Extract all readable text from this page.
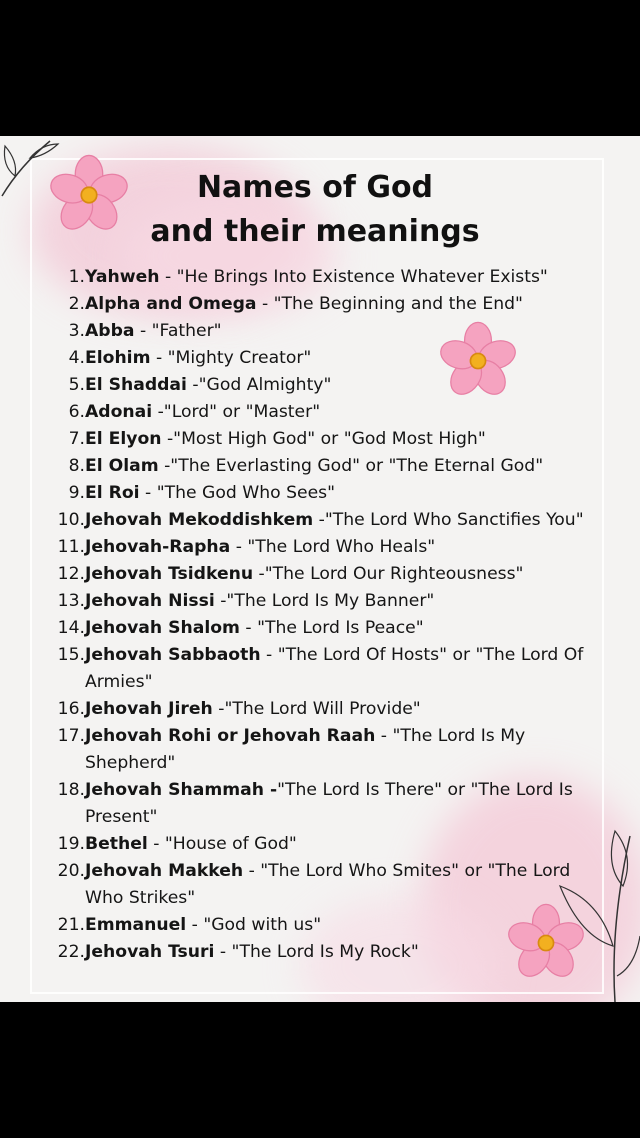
Names of God
and their meanings
1. Yahweh - "He Brings Into Existence Whatever Exists"
2. Alpha and Omega - "The Beginning and the End"
3. Abba - "Father"
4. Elohim - "Mighty Creator"
5. El Shaddai -"God Almighty"
6. Adonai -"Lord" or "Master"
7. El Elyon -"Most High God" or "God Most High"
8. El Olam -"The Everlasting God" or "The Eternal God"
9. El Roi - "The God Who Sees"
10. Jehovah Mekoddishkem -"The Lord Who Sanctifies You"
11. Jehovah-Rapha - "The Lord Who Heals"
12. Jehovah Tsidkenu -"The Lord Our Righteousness"
13. Jehovah Nissi -"The Lord Is My Banner"
14. Jehovah Shalom - "The Lord Is Peace"
15. Jehovah Sabbaoth - "The Lord Of Hosts" or "The Lord Of Armies"
16. Jehovah Jireh -"The Lord Will Provide"
17. Jehovah Rohi or Jehovah Raah - "The Lord Is My Shepherd"
18. Jehovah Shammah -"The Lord Is There" or "The Lord Is Present"
19. Bethel - "House of God"
20. Jehovah Makkeh - "The Lord Who Smites" or "The Lord Who Strikes"
21. Emmanuel - "God with us"
22. Jehovah Tsuri - "The Lord Is My Rock"
